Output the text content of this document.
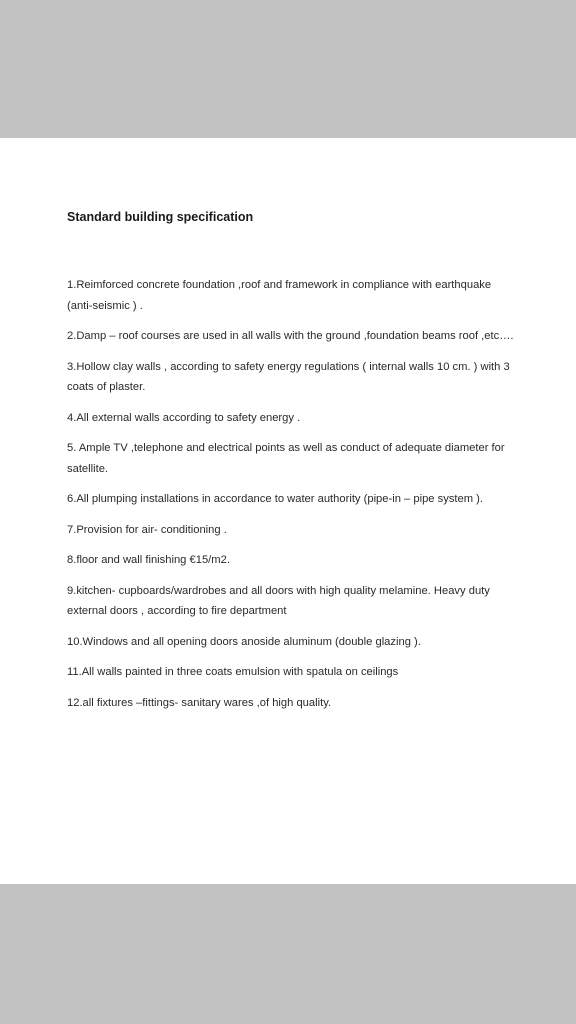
Standard building specification
1.Reimforced concrete foundation ,roof and framework in compliance with earthquake (anti-seismic ) .
2.Damp – roof courses are used in all walls with the ground ,foundation beams roof ,etc….
3.Hollow clay walls , according to safety energy regulations ( internal walls 10 cm. ) with 3 coats of plaster.
4.All external walls according to safety energy .
5. Ample TV ,telephone and electrical points as well as conduct of adequate diameter for satellite.
6.All plumping installations in accordance to water authority (pipe-in – pipe system ).
7.Provision for air- conditioning .
8.floor and wall finishing €15/m2.
9.kitchen- cupboards/wardrobes and all doors with high quality melamine. Heavy duty external doors , according to fire department
10.Windows and all opening doors anoside aluminum (double glazing ).
11.All walls painted in three coats emulsion with spatula on ceilings
12.all fixtures –fittings- sanitary wares ,of high quality.
